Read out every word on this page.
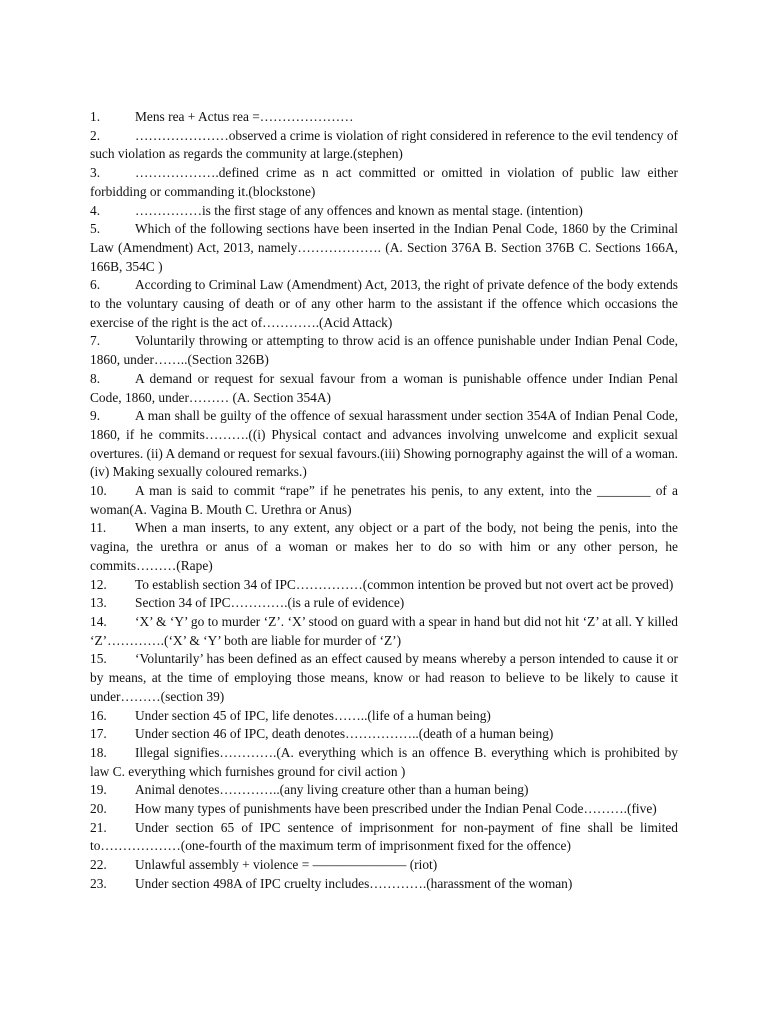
1.	Mens rea + Actus rea =…………………

2.	…………………observed a crime is violation of right considered in reference to the evil tendency of such violation as regards the community at large.(stephen)

3.	……………….defined crime as n act committed or omitted in violation of public law either forbidding or commanding it.(blockstone)

4.	……………is the first stage of any offences and known as mental stage. (intention)

5.	Which of the following sections have been inserted in the Indian Penal Code, 1860 by the Criminal Law (Amendment) Act, 2013, namely………………. (A. Section 376A B. Section 376B C. Sections 166A, 166B, 354C )

6.	According to Criminal Law (Amendment) Act, 2013, the right of private defence of the body extends to the voluntary causing of death or of any other harm to the assistant if the offence which occasions the exercise of the right is the act of………….(Acid Attack)

7.	Voluntarily throwing or attempting to throw acid is an offence punishable under Indian Penal Code, 1860, under……..(Section 326B)

8.	A demand or request for sexual favour from a woman is punishable offence under Indian Penal Code, 1860, under……… (A. Section 354A)

9.	A man shall be guilty of the offence of sexual harassment under section 354A of Indian Penal Code, 1860, if he commits……….((i) Physical contact and advances involving unwelcome and explicit sexual overtures. (ii) A demand or request for sexual favours.(iii) Showing pornography against the will of a woman. (iv) Making sexually coloured remarks.)

10. A man is said to commit “rape” if he penetrates his penis, to any extent, into the ________ of a woman(A. Vagina B. Mouth C. Urethra or Anus)

11. When a man inserts, to any extent, any object or a part of the body, not being the penis, into the vagina, the urethra or anus of a woman or makes her to do so with him or any other person, he commits………(Rape)

12. To establish section 34 of IPC……………(common intention be proved but not overt act be proved)

13. Section 34 of IPC………….(is a rule of evidence)

14. ‘X’ & ‘Y’ go to murder ‘Z’. ‘X’ stood on guard with a spear in hand but did not hit ‘Z’ at all. Y killed ‘Z’………….(‘X’ & ‘Y’ both are liable for murder of ‘Z’)

15. ‘Voluntarily’ has been defined as an effect caused by means whereby a person intended to cause it or by means, at the time of employing those means, know or had reason to believe to be likely to cause it under………(section 39)

16. Under section 45 of IPC, life denotes……..(life of a human being)

17. Under section 46 of IPC, death denotes……………..(death of a human being)

18. Illegal signifies………….(A. everything which is an offence B. everything which is prohibited by law C. everything which furnishes ground for civil action )

19. Animal denotes…………..(any living creature other than a human being)

20. How many types of punishments have been prescribed under the Indian Penal Code……….(five)

21. Under section 65 of IPC sentence of imprisonment for non-payment of fine shall be limited to………………(one-fourth of the maximum term of imprisonment fixed for the offence)

22. Unlawful assembly + violence = ——————— (riot)

23. Under section 498A of IPC cruelty includes………….(harassment of the woman)
